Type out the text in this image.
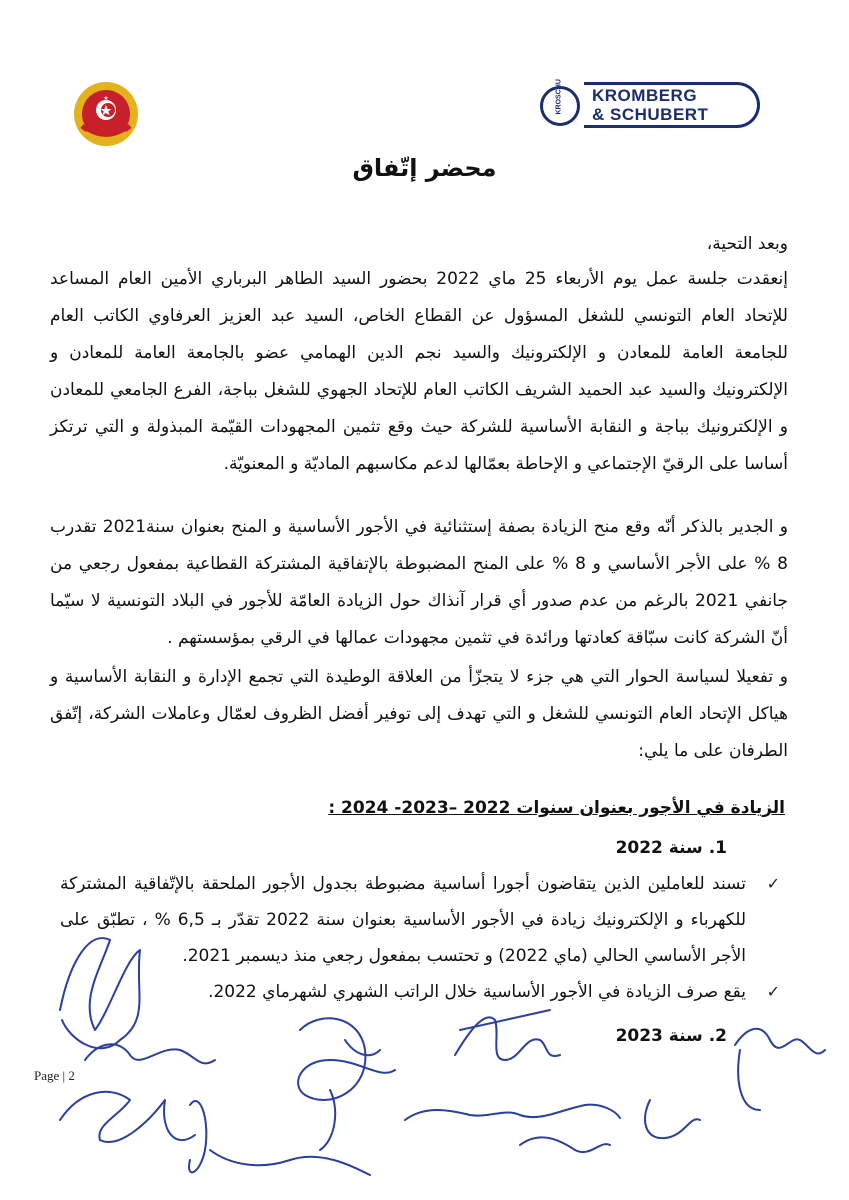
★	KROSCHU KROMBERG
& SCHUBERT
محضر إتّفاق
وبعد التحية،
إنعقدت جلسة عمل يوم الأربعاء 25 ماي 2022 بحضور السيد الطاهر البرباري الأمين العام المساعد للإتحاد العام التونسي للشغل المسؤول عن القطاع الخاص، السيد عبد العزيز العرفاوي الكاتب العام للجامعة العامة للمعادن و الإلكترونيك والسيد نجم الدين الهمامي عضو بالجامعة العامة للمعادن و الإلكترونيك والسيد عبد الحميد الشريف الكاتب العام للإتحاد الجهوي للشغل بباجة، الفرع الجامعي للمعادن و الإلكترونيك بباجة و النقابة الأساسية للشركة حيث وقع تثمين المجهودات القيّمة المبذولة و التي ترتكز أساسا على الرقيّ الإجتماعي و الإحاطة بعمّالها لدعم مكاسبهم الماديّة و المعنويّة.
و الجدير بالذكر أنّه وقع منح الزيادة بصفة إستثنائية في الأجور الأساسية و المنح بعنوان سنة2021 تقدرب 8 % على الأجر الأساسي و 8 % على المنح المضبوطة بالإتفاقية المشتركة القطاعية بمفعول رجعي من جانفي 2021 بالرغم من عدم صدور أي قرار آنذاك حول الزيادة العامّة للأجور في البلاد التونسية لا سيّما أنّ الشركة كانت سبّاقة كعادتها ورائدة في تثمين مجهودات عمالها في الرقي بمؤسستهم .
و تفعيلا لسياسة الحوار التي هي جزء لا يتجزّأ من العلاقة الوطيدة التي تجمع الإدارة و النقابة الأساسية و هياكل الإتحاد العام التونسي للشغل و التي تهدف إلى توفير أفضل الظروف لعمّال وعاملات الشركة، إتّفق الطرفان على ما يلي:
الزيادة في الأجور بعنوان سنوات 2022 –2023- 2024 :
1. سنة 2022
✓
تسند للعاملين الذين يتقاضون أجورا أساسية مضبوطة بجدول الأجور الملحقة بالإتّفاقية المشتركة للكهرباء و الإلكترونيك زيادة في الأجور الأساسية بعنوان سنة 2022 تقدّر بـ 6,5 % ، تطبّق على الأجر الأساسي الحالي (ماي 2022) و تحتسب بمفعول رجعي منذ ديسمبر 2021.
✓
يقع صرف الزيادة في الأجور الأساسية خلال الراتب الشهري لشهرماي 2022.
2. سنة 2023
Page | 2
